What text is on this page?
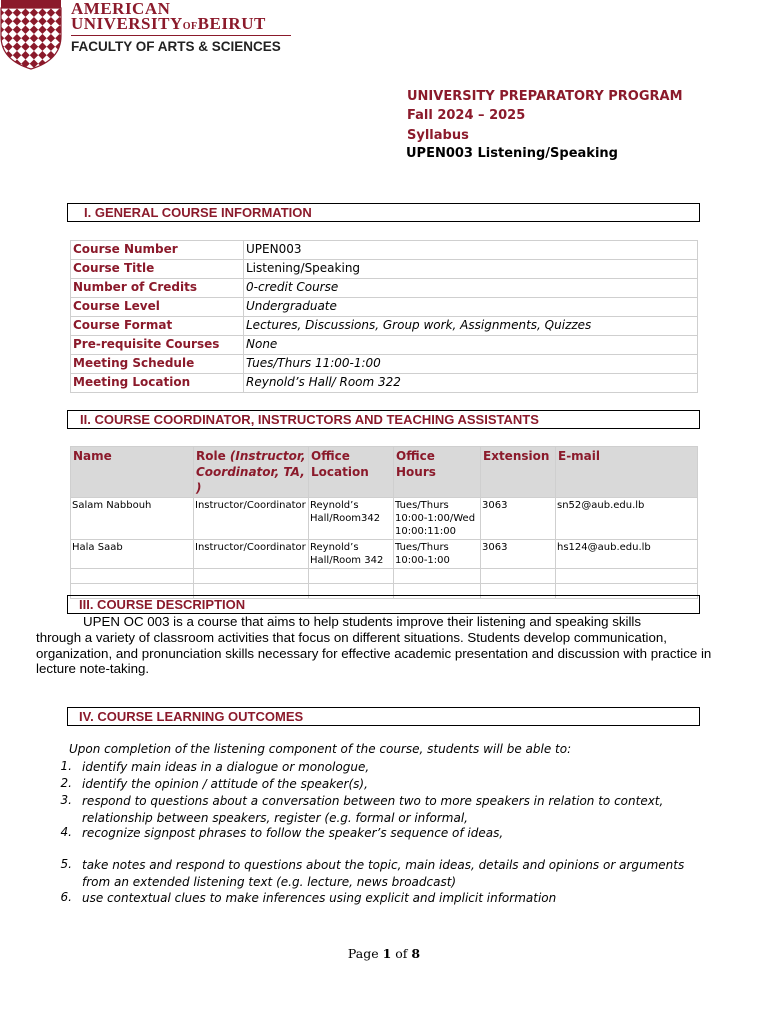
AMERICAN
UNIVERSITYOFBEIRUT
FACULTY OF ARTS & SCIENCES
UNIVERSITY PREPARATORY PROGRAM
Fall 2024 – 2025
Syllabus
UPEN003 Listening/Speaking
I. GENERAL COURSE INFORMATION
Course Number	UPEN003
Course Title	Listening/Speaking
Number of Credits	0-credit Course
Course Level	Undergraduate
Course Format	Lectures, Discussions, Group work, Assignments, Quizzes
Pre-requisite Courses	None
Meeting Schedule	Tues/Thurs 11:00-1:00
Meeting Location	Reynold’s Hall/ Room 322
II. COURSE COORDINATOR, INSTRUCTORS AND TEACHING ASSISTANTS
Name	Role (Instructor, Coordinator, TA, )	Office Location	Office Hours	Extension	E-mail
Salam Nabbouh	Instructor/Coordinator	Reynold’s Hall/Room342	Tues/Thurs 10:00-1:00/Wed 10:00:11:00	3063	sn52@aub.edu.lb
Hala Saab	Instructor/Coordinator	Reynold’s Hall/Room 342	Tues/Thurs 10:00-1:00	3063	hs124@aub.edu.lb

III. COURSE DESCRIPTION
UPEN OC 003 is a course that aims to help students improve their listening and speaking skills
through a variety of classroom activities that focus on different situations. Students develop communication, organization, and pronunciation skills necessary for effective academic presentation and discussion with practice in lecture note-taking.
IV. COURSE LEARNING OUTCOMES
Upon completion of the listening component of the course, students will be able to:
1. identify main ideas in a dialogue or monologue,
2. identify the opinion / attitude of the speaker(s),
3. respond to questions about a conversation between two to more speakers in relation to context, relationship between speakers, register (e.g. formal or informal,
4. recognize signpost phrases to follow the speaker’s sequence of ideas,
5. take notes and respond to questions about the topic, main ideas, details and opinions or arguments from an extended listening text (e.g. lecture, news broadcast)
6. use contextual clues to make inferences using explicit and implicit information
Page 1 of 8
